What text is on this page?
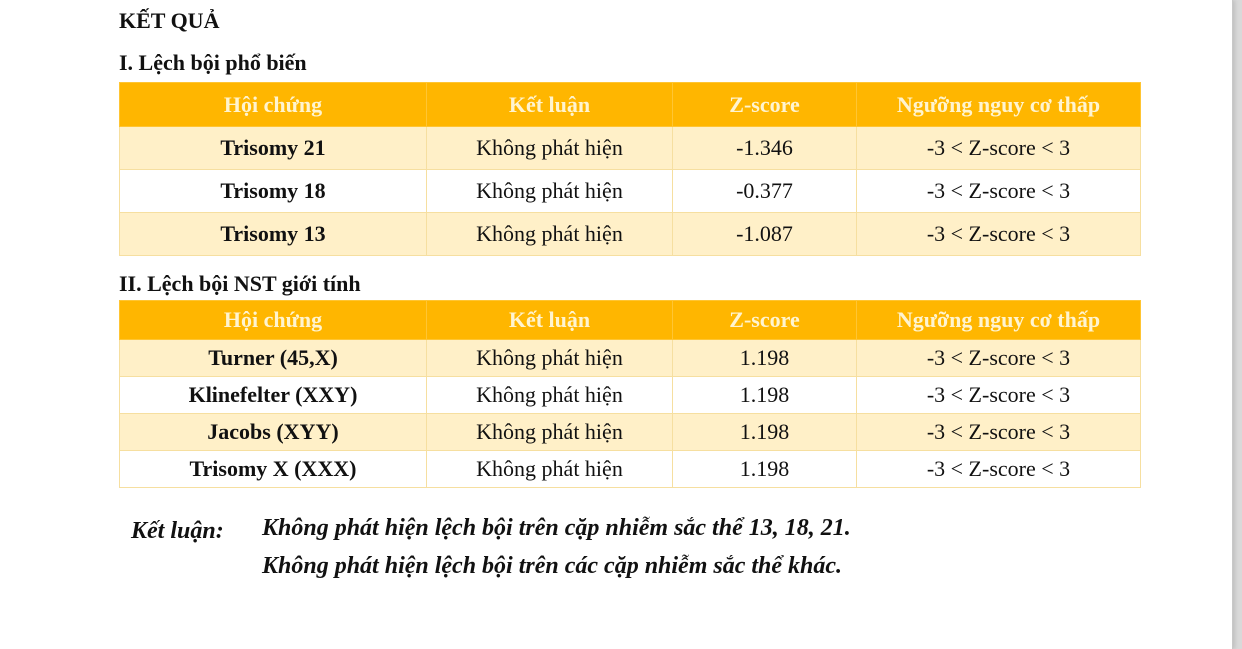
KẾT QUẢ
I. Lệch bội phổ biến
Hội chứng	Kết luận	Z-score	Ngưỡng nguy cơ thấp
Trisomy 21	Không phát hiện	-1.346	-3 < Z-score < 3
Trisomy 18	Không phát hiện	-0.377	-3 < Z-score < 3
Trisomy 13	Không phát hiện	-1.087	-3 < Z-score < 3
II. Lệch bội NST giới tính
Hội chứng	Kết luận	Z-score	Ngưỡng nguy cơ thấp
Turner (45,X)	Không phát hiện	1.198	-3 < Z-score < 3
Klinefelter (XXY)	Không phát hiện	1.198	-3 < Z-score < 3
Jacobs (XYY)	Không phát hiện	1.198	-3 < Z-score < 3
Trisomy X (XXX)	Không phát hiện	1.198	-3 < Z-score < 3
Kết luận: Không phát hiện lệch bội trên cặp nhiễm sắc thể 13, 18, 21.
Không phát hiện lệch bội trên các cặp nhiễm sắc thể khác.
